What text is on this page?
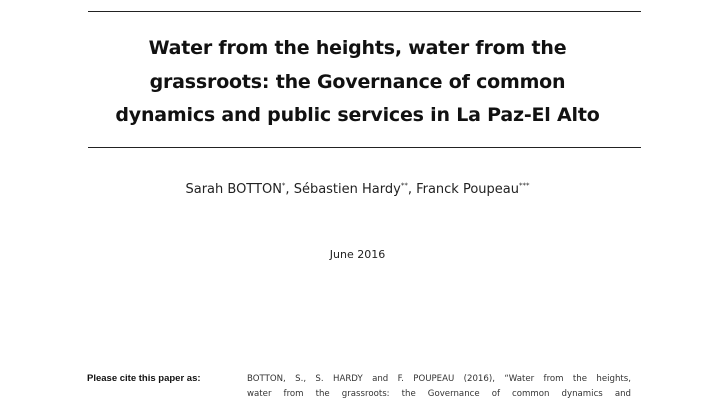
Water from the heights, water from the
grassroots: the Governance of common
dynamics and public services in La Paz-El Alto
Sarah BOTTON*, Sébastien Hardy**, Franck Poupeau***
June 2016
Please cite this paper as:	BOTTON, S., S. HARDY and F. POUPEAU (2016), “Water from the heights,
water from the grassroots: the Governance of common dynamics and
